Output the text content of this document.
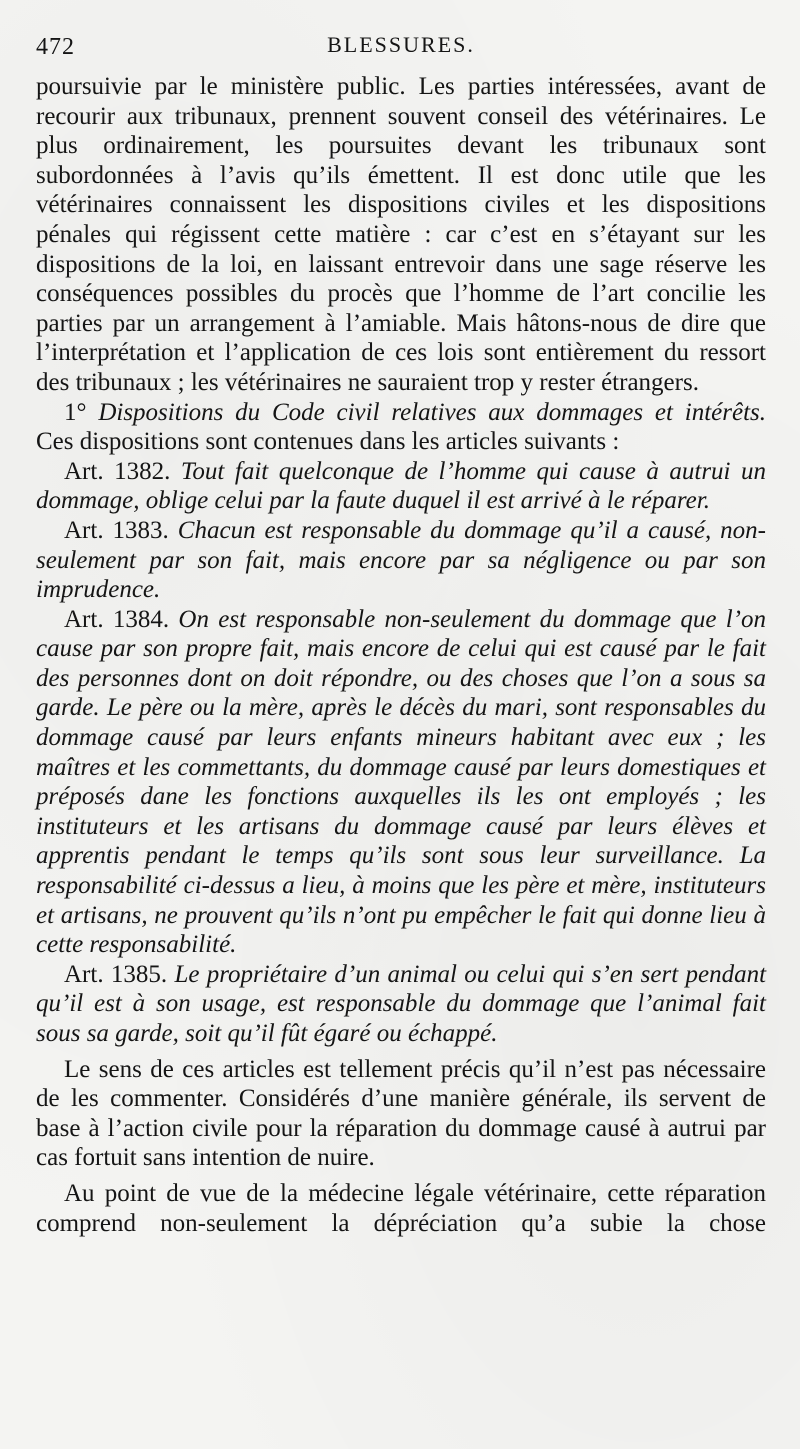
472	BLESSURES.

poursuivie par le ministère public. Les parties intéressées, avant de recourir aux tribunaux, prennent souvent conseil des vétérinaires. Le plus ordinairement, les poursuites devant les tribunaux sont subordonnées à l’avis qu’ils émettent. Il est donc utile que les vétérinaires connaissent les dispositions civiles et les dispositions pénales qui régissent cette matière : car c’est en s’étayant sur les dispositions de la loi, en laissant entrevoir dans une sage réserve les conséquences possibles du procès que l’homme de l’art concilie les parties par un arrangement à l’amiable. Mais hâtons-nous de dire que l’interprétation et l’application de ces lois sont entièrement du ressort des tribunaux ; les vétérinaires ne sauraient trop y rester étrangers.

1° Dispositions du Code civil relatives aux dommages et intérêts.

Ces dispositions sont contenues dans les articles suivants :

Art. 1382. Tout fait quelconque de l’homme qui cause à autrui un dommage, oblige celui par la faute duquel il est arrivé à le réparer.

Art. 1383. Chacun est responsable du dommage qu’il a causé, non-seulement par son fait, mais encore par sa négligence ou par son imprudence.

Art. 1384. On est responsable non-seulement du dommage que l’on cause par son propre fait, mais encore de celui qui est causé par le fait des personnes dont on doit répondre, ou des choses que l’on a sous sa garde. Le père ou la mère, après le décès du mari, sont responsables du dommage causé par leurs enfants mineurs habitant avec eux ; les maîtres et les commettants, du dommage causé par leurs domestiques et préposés dane les fonctions auxquelles ils les ont employés ; les instituteurs et les artisans du dommage causé par leurs élèves et apprentis pendant le temps qu’ils sont sous leur surveillance. La responsabilité ci-dessus a lieu, à moins que les père et mère, instituteurs et artisans, ne prouvent qu’ils n’ont pu empêcher le fait qui donne lieu à cette responsabilité.

Art. 1385. Le propriétaire d’un animal ou celui qui s’en sert pendant qu’il est à son usage, est responsable du dommage que l’animal fait sous sa garde, soit qu’il fût égaré ou échappé.

Le sens de ces articles est tellement précis qu’il n’est pas nécessaire de les commenter. Considérés d’une manière générale, ils servent de base à l’action civile pour la réparation du dommage causé à autrui par cas fortuit sans intention de nuire.

Au point de vue de la médecine légale vétérinaire, cette réparation comprend non-seulement la dépréciation qu’a subie la chose
